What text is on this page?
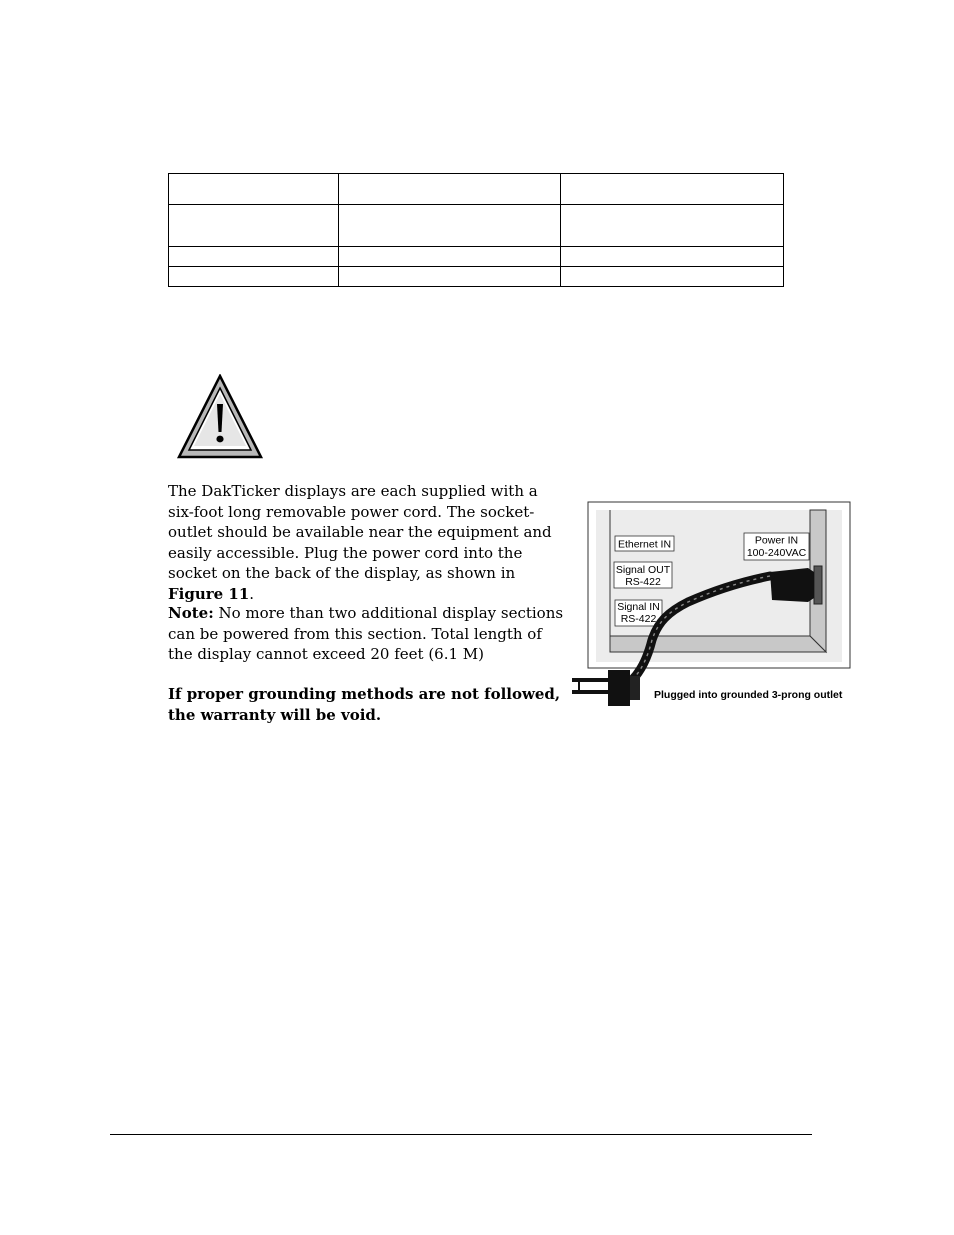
The DakTicker displays are each supplied with a six-foot long removable power cord. The socket-outlet should be available near the equipment and easily accessible. Plug the power cord into the socket on the back of the display, as shown in Figure 11.

Note: No more than two additional display sections can be powered from this section. Total length of the display cannot exceed 20 feet (6.1 M)

If proper grounding methods are not followed, the warranty will be void.

Ethernet IN
Signal OUT
RS-422
Signal IN
RS-422
Power IN
100-240VAC
Plugged into grounded 3-prong outlet
